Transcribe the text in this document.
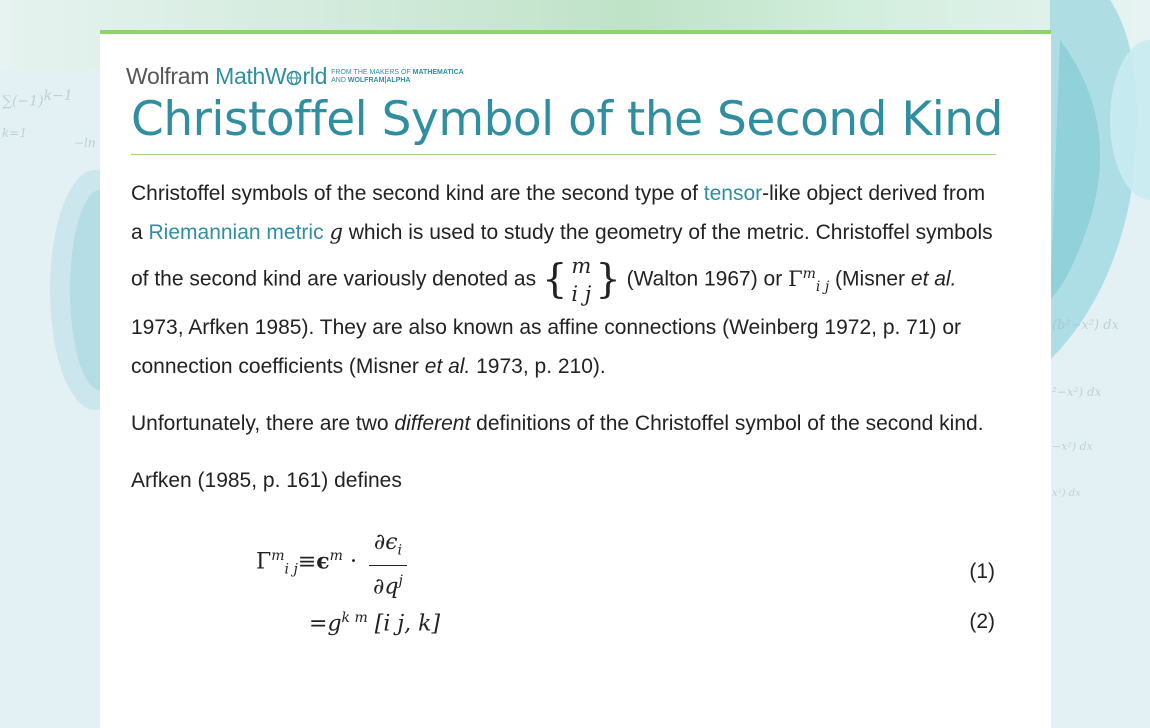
$\sum(-1)^{k-1}$
k=1
−ln
(b²−x²) dx
²−x²) dx
−x²) dx
x²) dx
Wolfram MathW rld FROM THE MAKERS OF MATHEMATICA
AND WOLFRAM|ALPHA
Christoffel Symbol of the Second Kind

Christoffel symbols of the second kind are the second type of tensor-like object derived from a Riemannian metric g which is used to study the geometry of the metric. Christoffel symbols of the second kind are variously denoted as { m
i j } (Walton 1967) or $\Gamma^m_{i j}$ (Misner et al. 1973, Arfken 1985). They are also known as affine connections (Weinberg 1972, p. 71) or connection coefficients (Misner et al. 1973, p. 210).

Unfortunately, there are two different definitions of the Christoffel symbol of the second kind.

Arfken (1985, p. 161) defines

$\Gamma^m_{i j}\equiv\epsilon^m \cdot \frac{\partial\epsilon_i}{\partial q^j}$	(1)
$=g^{k m}$ [i j, k]	(2)
